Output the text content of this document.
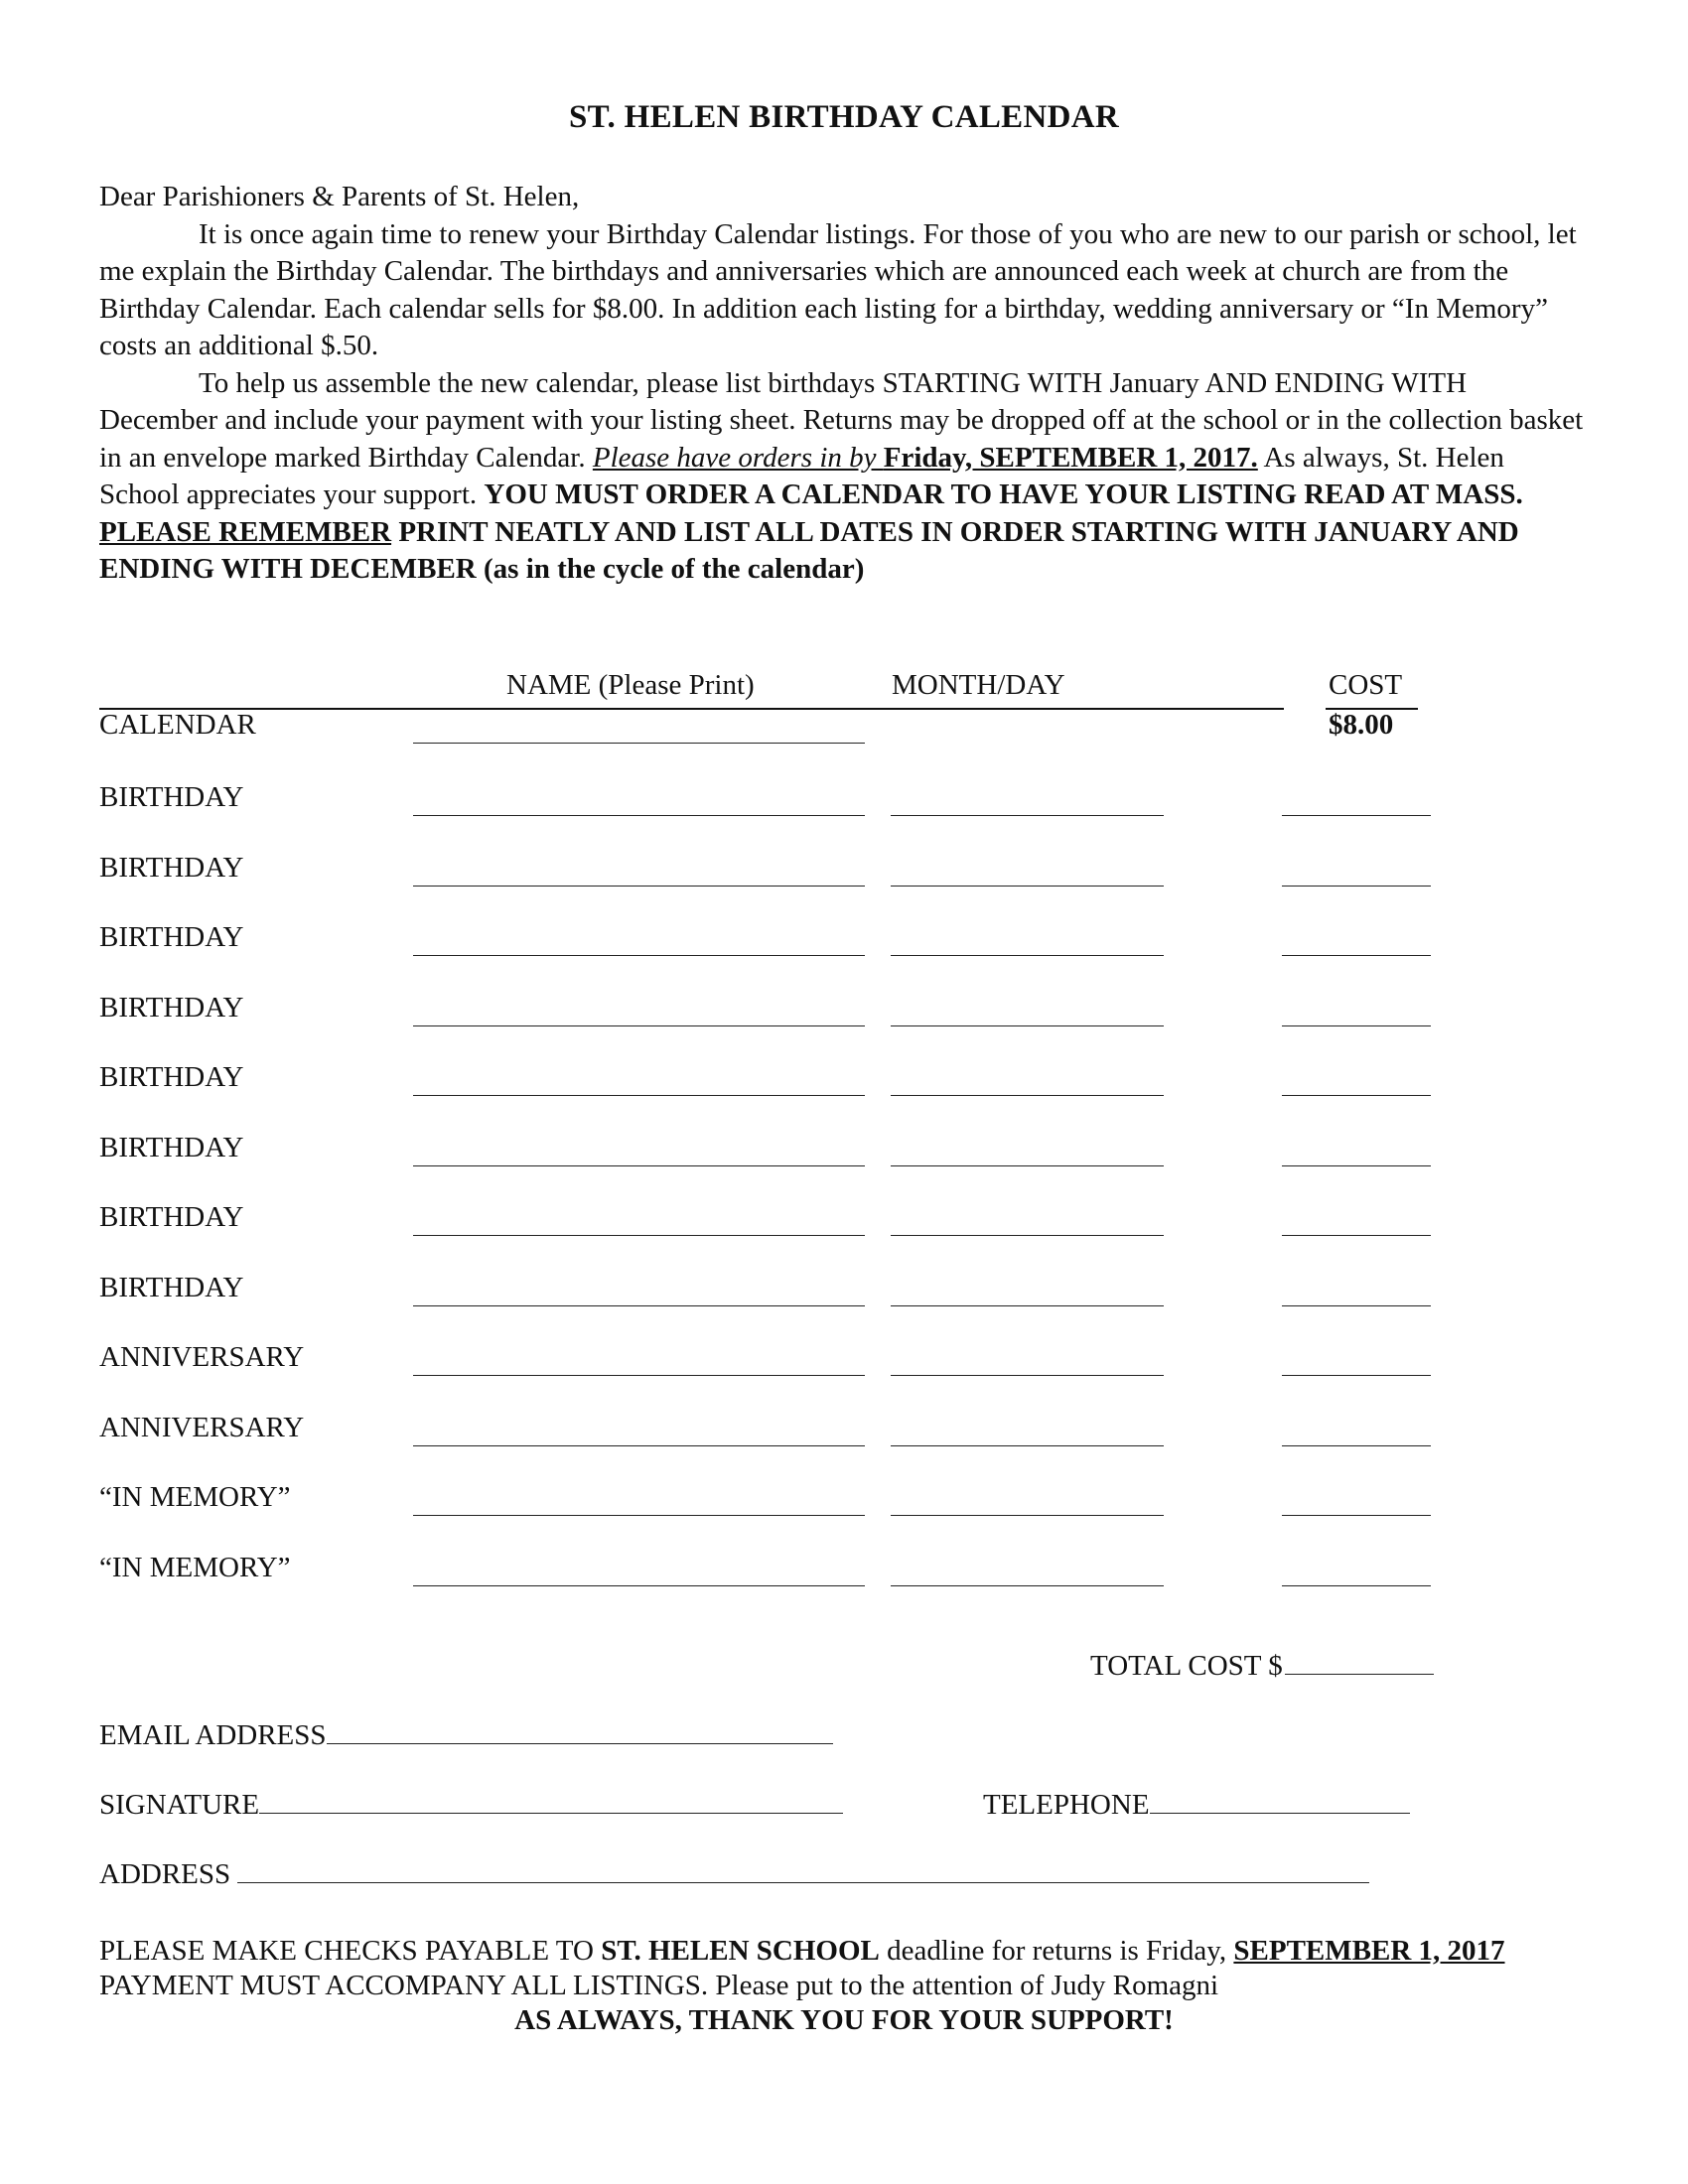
ST. HELEN BIRTHDAY CALENDAR

Dear Parishioners & Parents of St. Helen,

It is once again time to renew your Birthday Calendar listings. For those of you who are new to our parish or school, let me explain the Birthday Calendar. The birthdays and anniversaries which are announced each week at church are from the Birthday Calendar. Each calendar sells for $8.00. In addition each listing for a birthday, wedding anniversary or “In Memory” costs an additional $.50.

To help us assemble the new calendar, please list birthdays STARTING WITH January AND ENDING WITH December and include your payment with your listing sheet. Returns may be dropped off at the school or in the collection basket in an envelope marked Birthday Calendar. Please have orders in by Friday, SEPTEMBER 1, 2017. As always, St. Helen School appreciates your support. YOU MUST ORDER A CALENDAR TO HAVE YOUR LISTING READ AT MASS.

PLEASE REMEMBER PRINT NEATLY AND LIST ALL DATES IN ORDER STARTING WITH JANUARY AND ENDING WITH DECEMBER (as in the cycle of the calendar)

NAME (Please Print)	MONTH/DAY	COST
CALENDAR	$8.00
BIRTHDAY
BIRTHDAY
BIRTHDAY
BIRTHDAY
BIRTHDAY
BIRTHDAY
BIRTHDAY
BIRTHDAY
ANNIVERSARY
ANNIVERSARY
“IN MEMORY”
“IN MEMORY”
TOTAL COST $
EMAIL ADDRESS
SIGNATURE	TELEPHONE
ADDRESS

PLEASE MAKE CHECKS PAYABLE TO ST. HELEN SCHOOL deadline for returns is Friday, SEPTEMBER 1, 2017 PAYMENT MUST ACCOMPANY ALL LISTINGS. Please put to the attention of Judy Romagni

AS ALWAYS, THANK YOU FOR YOUR SUPPORT!
